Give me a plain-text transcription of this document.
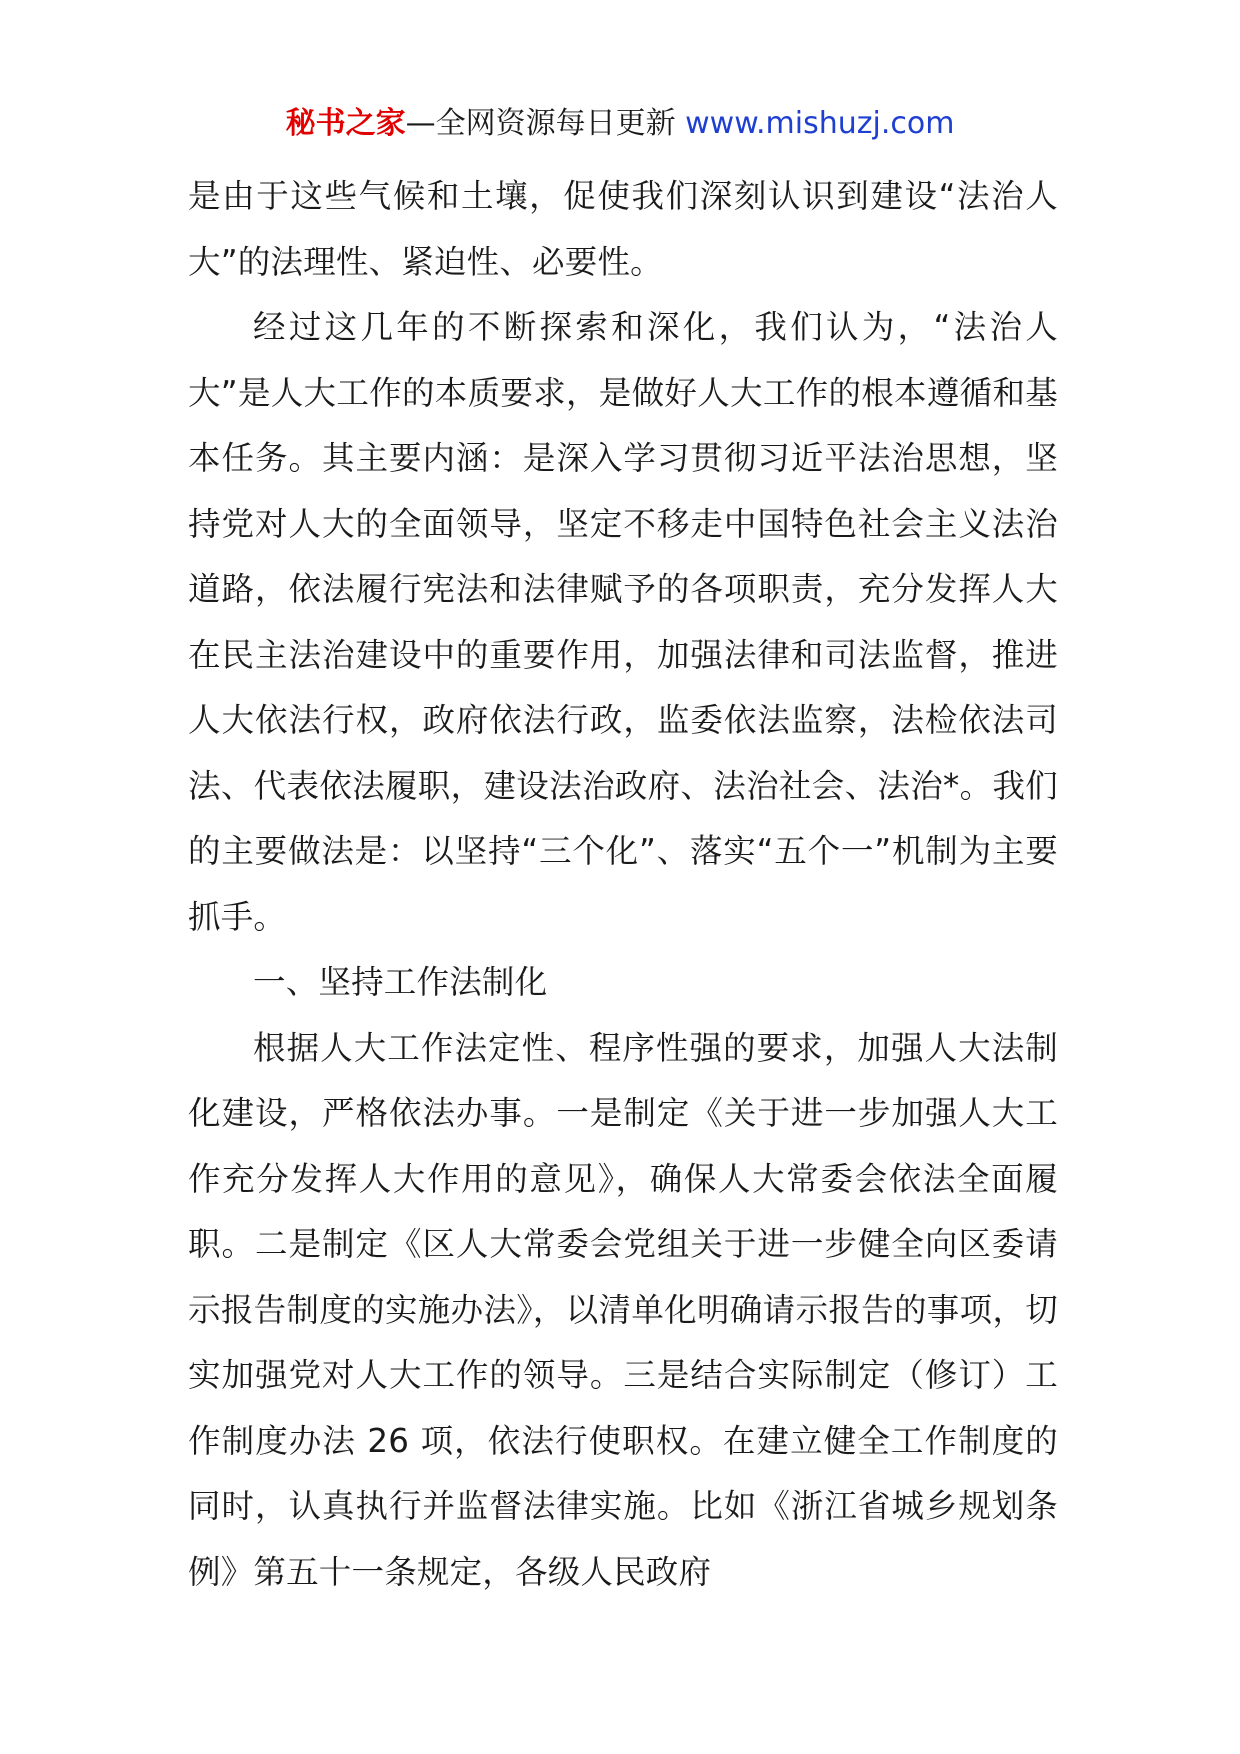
秘书之家—全网资源每日更新 www.mishuzj.com

是由于这些气候和土壤，促使我们深刻认识到建设“法治人大”的法理性、紧迫性、必要性。

经过这几年的不断探索和深化，我们认为，“法治人大”是人大工作的本质要求，是做好人大工作的根本遵循和基本任务。其主要内涵：是深入学习贯彻习近平法治思想，坚持党对人大的全面领导，坚定不移走中国特色社会主义法治道路，依法履行宪法和法律赋予的各项职责，充分发挥人大在民主法治建设中的重要作用，加强法律和司法监督，推进人大依法行权，政府依法行政，监委依法监察，法检依法司法、代表依法履职，建设法治政府、法治社会、法治*。我们的主要做法是：以坚持“三个化”、落实“五个一”机制为主要抓手。

一、坚持工作法制化

根据人大工作法定性、程序性强的要求，加强人大法制化建设，严格依法办事。一是制定《关于进一步加强人大工作充分发挥人大作用的意见》，确保人大常委会依法全面履职。二是制定《区人大常委会党组关于进一步健全向区委请示报告制度的实施办法》，以清单化明确请示报告的事项，切实加强党对人大工作的领导。三是结合实际制定（修订）工作制度办法 26 项，依法行使职权。在建立健全工作制度的同时，认真执行并监督法律实施。比如《浙江省城乡规划条例》第五十一条规定，各级人民政府
